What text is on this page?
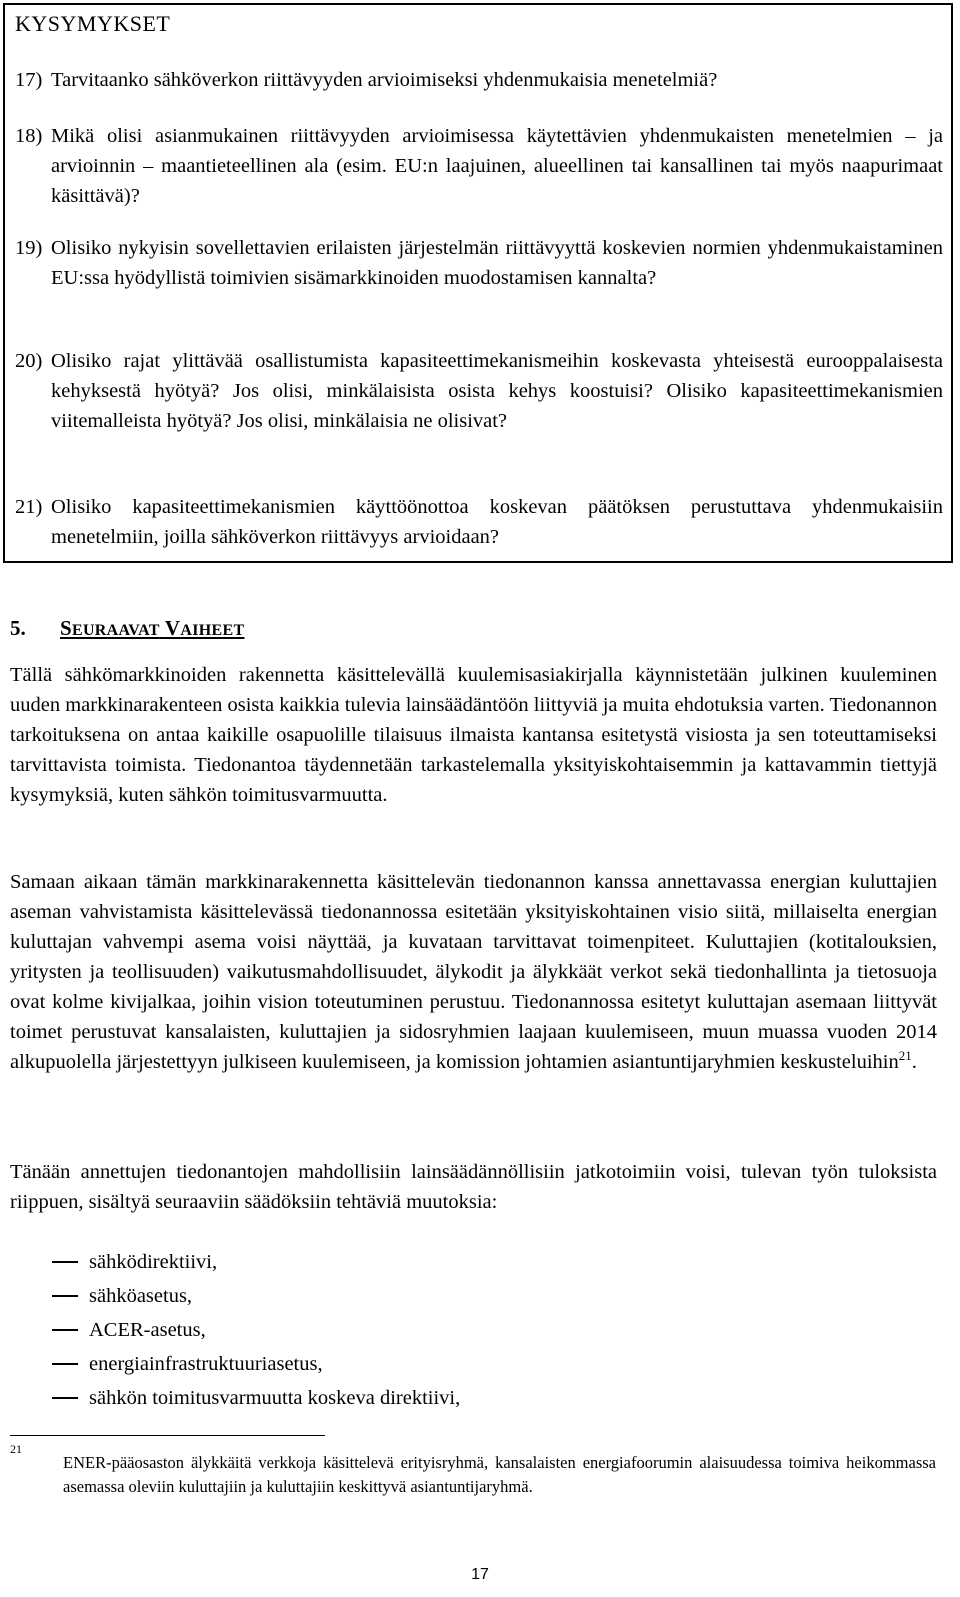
KYSYMYKSET
17) Tarvitaanko sähköverkon riittävyyden arvioimiseksi yhdenmukaisia menetelmiä?
18) Mikä olisi asianmukainen riittävyyden arvioimisessa käytettävien yhdenmukaisten menetelmien – ja arvioinnin – maantieteellinen ala (esim. EU:n laajuinen, alueellinen tai kansallinen tai myös naapurimaat käsittävä)?
19) Olisiko nykyisin sovellettavien erilaisten järjestelmän riittävyyttä koskevien normien yhdenmukaistaminen EU:ssa hyödyllistä toimivien sisämarkkinoiden muodostamisen kannalta?
20) Olisiko rajat ylittävää osallistumista kapasiteettimekanismeihin koskevasta yhteisestä eurooppalaisesta kehyksestä hyötyä? Jos olisi, minkälaisista osista kehys koostuisi? Olisiko kapasiteettimekanismien viitemalleista hyötyä? Jos olisi, minkälaisia ne olisivat?
21) Olisiko kapasiteettimekanismien käyttöönottoa koskevan päätöksen perustuttava yhdenmukaisiin menetelmiin, joilla sähköverkon riittävyys arvioidaan?
5. SEURAAVAT VAIHEET
Tällä sähkömarkkinoiden rakennetta käsittelevällä kuulemisasiakirjalla käynnistetään julkinen kuuleminen uuden markkinarakenteen osista kaikkia tulevia lainsäädäntöön liittyviä ja muita ehdotuksia varten. Tiedonannon tarkoituksena on antaa kaikille osapuolille tilaisuus ilmaista kantansa esitetystä visiosta ja sen toteuttamiseksi tarvittavista toimista. Tiedonantoa täydennetään tarkastelemalla yksityiskohtaisemmin ja kattavammin tiettyjä kysymyksiä, kuten sähkön toimitusvarmuutta.
Samaan aikaan tämän markkinarakennetta käsittelevän tiedonannon kanssa annettavassa energian kuluttajien aseman vahvistamista käsittelevässä tiedonannossa esitetään yksityiskohtainen visio siitä, millaiselta energian kuluttajan vahvempi asema voisi näyttää, ja kuvataan tarvittavat toimenpiteet. Kuluttajien (kotitalouksien, yritysten ja teollisuuden) vaikutusmahdollisuudet, älykodit ja älykkäät verkot sekä tiedonhallinta ja tietosuoja ovat kolme kivijalkaa, joihin vision toteutuminen perustuu. Tiedonannossa esitetyt kuluttajan asemaan liittyvät toimet perustuvat kansalaisten, kuluttajien ja sidosryhmien laajaan kuulemiseen, muun muassa vuoden 2014 alkupuolella järjestettyyn julkiseen kuulemiseen, ja komission johtamien asiantuntijaryhmien keskusteluihin$^{21}$.
Tänään annettujen tiedonantojen mahdollisiin lainsäädännöllisiin jatkotoimiin voisi, tulevan työn tuloksista riippuen, sisältyä seuraaviin säädöksiin tehtäviä muutoksia:
sähködirektiivi,
sähköasetus,
ACER-asetus,
energiainfrastruktuuriasetus,
sähkön toimitusvarmuutta koskeva direktiivi,
21
ENER-pääosaston älykkäitä verkkoja käsittelevä erityisryhmä, kansalaisten energiafoorumin alaisuudessa toimiva heikommassa asemassa oleviin kuluttajiin ja kuluttajiin keskittyvä asiantuntijaryhmä.
17
